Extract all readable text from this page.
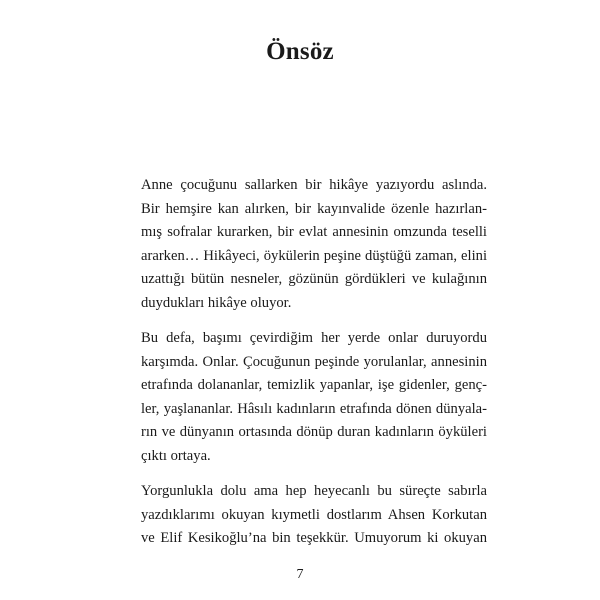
Önsöz

Anne çocuğunu sallarken bir hikâye yazıyordu aslında.
Bir hemşire kan alırken, bir kayınvalide özenle hazırlan-
mış sofralar kurarken, bir evlat annesinin omzunda teselli
ararken… Hikâyeci, öykülerin peşine düştüğü zaman, elini
uzattığı bütün nesneler, gözünün gördükleri ve kulağının
duydukları hikâye oluyor.

Bu defa, başımı çevirdiğim her yerde onlar duruyordu
karşımda. Onlar. Çocuğunun peşinde yorulanlar, annesinin
etrafında dolananlar, temizlik yapanlar, işe gidenler, genç-
ler, yaşlananlar. Hâsılı kadınların etrafında dönen dünyala-
rın ve dünyanın ortasında dönüp duran kadınların öyküleri
çıktı ortaya.

Yorgunlukla dolu ama hep heyecanlı bu süreçte sabırla
yazdıklarımı okuyan kıymetli dostlarım Ahsen Korkutan
ve Elif Kesikoğlu’na bin teşekkür. Umuyorum ki okuyan

7
